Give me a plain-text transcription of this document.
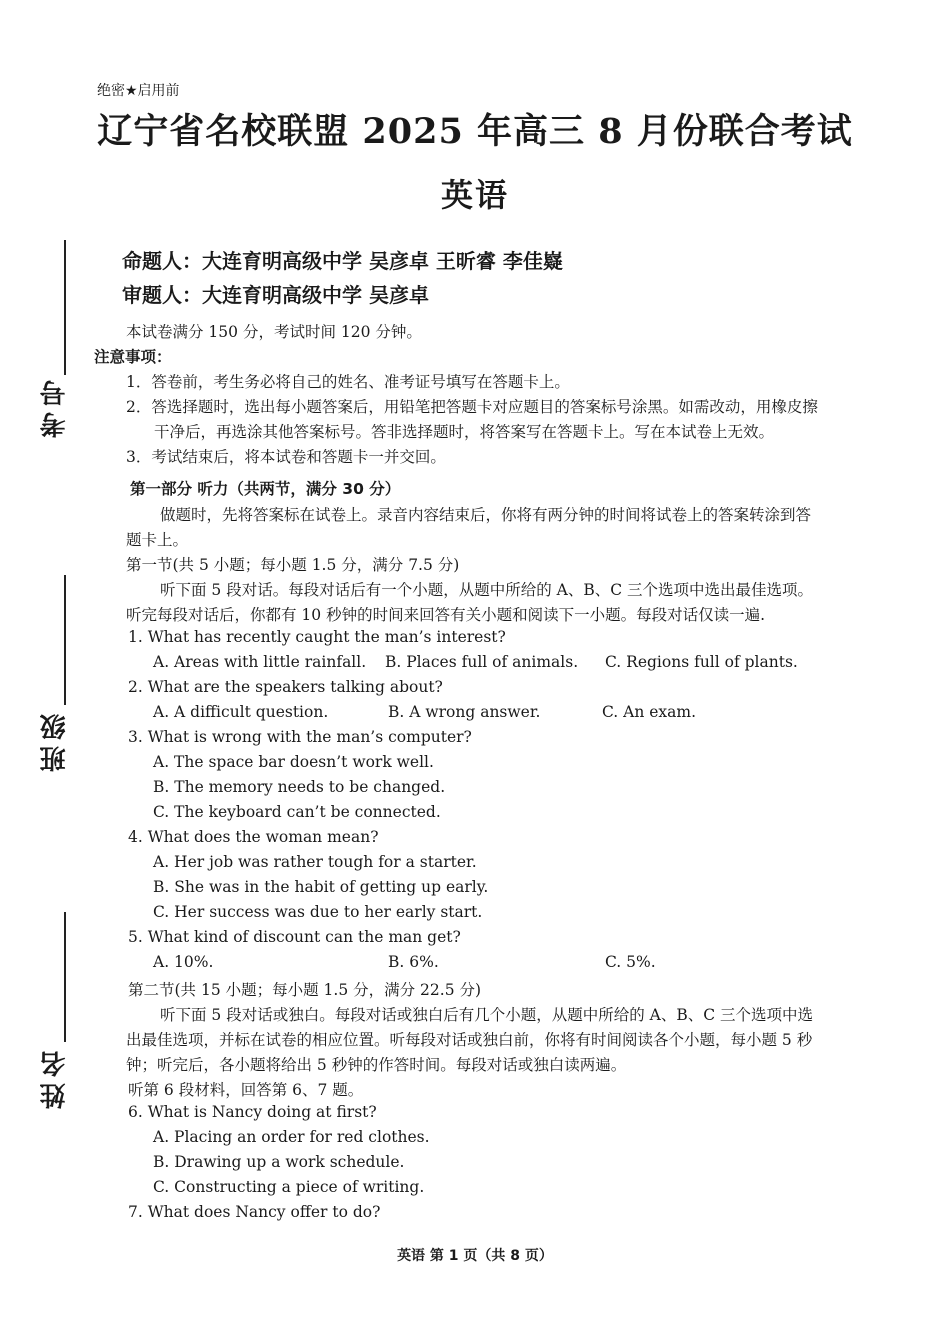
绝密★启用前
辽宁省名校联盟 2025 年高三 8 月份联合考试
英语
命题人：大连育明高级中学 吴彦卓 王昕睿 李佳嶷
审题人：大连育明高级中学 吴彦卓
考号
班级
姓名
本试卷满分 150 分，考试时间 120 分钟。
注意事项：
1．答卷前，考生务必将自己的姓名、准考证号填写在答题卡上。
2．答选择题时，选出每小题答案后，用铅笔把答题卡对应题目的答案标号涂黑。如需改动，用橡皮擦
干净后，再选涂其他答案标号。答非选择题时，将答案写在答题卡上。写在本试卷上无效。
3．考试结束后，将本试卷和答题卡一并交回。
第一部分 听力（共两节，满分 30 分）
做题时，先将答案标在试卷上。录音内容结束后，你将有两分钟的时间将试卷上的答案转涂到答
题卡上。
第一节(共 5 小题；每小题 1.5 分，满分 7.5 分)
听下面 5 段对话。每段对话后有一个小题，从题中所给的 A、B、C 三个选项中选出最佳选项。
听完每段对话后，你都有 10 秒钟的时间来回答有关小题和阅读下一小题。每段对话仅读一遍.
1. What has recently caught the man’s interest?
A. Areas with little rainfall. B. Places full of animals. C. Regions full of plants.
2. What are the speakers talking about?
A. A difficult question.	B. A wrong answer.	C. An exam.
3. What is wrong with the man’s computer?
A. The space bar doesn’t work well.
B. The memory needs to be changed.
C. The keyboard can’t be connected.
4. What does the woman mean?
A. Her job was rather tough for a starter.
B. She was in the habit of getting up early.
C. Her success was due to her early start.
5. What kind of discount can the man get?
A. 10%.	B. 6%.	C. 5%.
第二节(共 15 小题；每小题 1.5 分，满分 22.5 分)
听下面 5 段对话或独白。每段对话或独白后有几个小题，从题中所给的 A、B、C 三个选项中选
出最佳选项，并标在试卷的相应位置。听每段对话或独白前，你将有时间阅读各个小题，每小题 5 秒
钟；听完后，各小题将给出 5 秒钟的作答时间。每段对话或独白读两遍。
听第 6 段材料，回答第 6、7 题。
6. What is Nancy doing at first?
A. Placing an order for red clothes.
B. Drawing up a work schedule.
C. Constructing a piece of writing.
7. What does Nancy offer to do?
英语 第 1 页（共 8 页）
